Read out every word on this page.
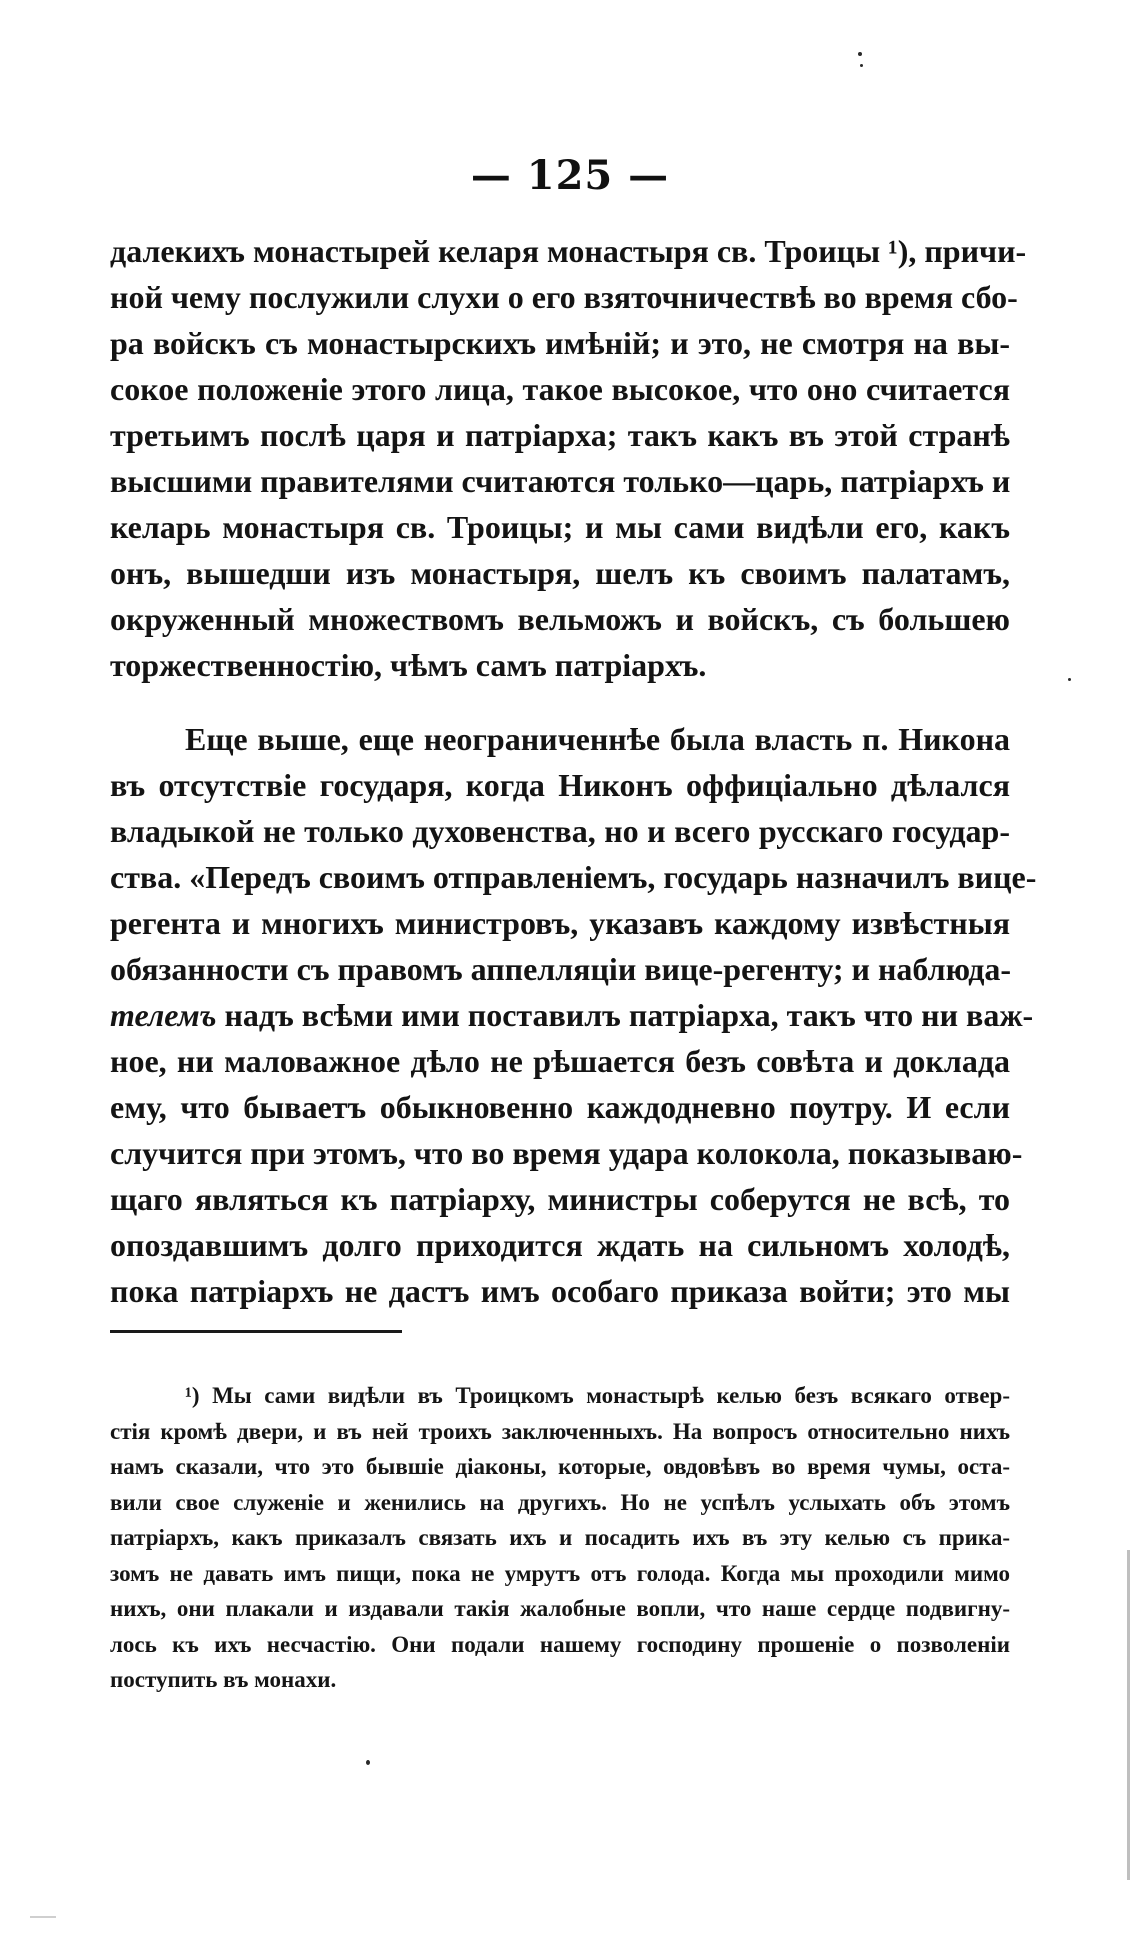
— 125 —
далекихъ монастырей келаря монастыря св. Троицы ¹), причи-
ной чему послужили слухи о его взяточничествѣ во время сбо-
ра войскъ съ монастырскихъ имѣній; и это, не смотря на вы-
сокое положеніе этого лица, такое высокое, что оно считается
третьимъ послѣ царя и патріарха; такъ какъ въ этой странѣ
высшими правителями считаются только—царь, патріархъ и
келарь монастыря св. Троицы; и мы сами видѣли его, какъ
онъ, вышедши изъ монастыря, шелъ къ своимъ палатамъ,
окруженный множествомъ вельможъ и войскъ, съ большею
торжественностію, чѣмъ самъ патріархъ.
Еще выше, еще неограниченнѣе была власть п. Никона
въ отсутствіе государя, когда Никонъ оффиціально дѣлался
владыкой не только духовенства, но и всего русскаго государ-
ства. «Передъ своимъ отправленіемъ, государь назначилъ вице-
регента и многихъ министровъ, указавъ каждому извѣстныя
обязанности съ правомъ аппелляціи вице-регенту; и наблюда-
телемъ надъ всѣми ими поставилъ патріарха, такъ что ни важ-
ное, ни маловажное дѣло не рѣшается безъ совѣта и доклада
ему, что бываетъ обыкновенно каждодневно поутру. И если
случится при этомъ, что во время удара колокола, показываю-
щаго являться къ патріарху, министры соберутся не всѣ, то
опоздавшимъ долго приходится ждать на сильномъ холодѣ,
пока патріархъ не дастъ имъ особаго приказа войти; это мы
¹) Мы сами видѣли въ Троицкомъ монастырѣ келью безъ всякаго отвер-
стія кромѣ двери, и въ ней троихъ заключенныхъ. На вопросъ относительно нихъ
намъ сказали, что это бывшіе діаконы, которые, овдовѣвъ во время чумы, оста-
вили свое служеніе и женились на другихъ. Но не успѣлъ услыхать объ этомъ
патріархъ, какъ приказалъ связать ихъ и посадить ихъ въ эту келью съ прика-
зомъ не давать имъ пищи, пока не умрутъ отъ голода. Когда мы проходили мимо
нихъ, они плакали и издавали такія жалобные вопли, что наше сердце подвигну-
лось къ ихъ несчастію. Они подали нашему господину прошеніе о позволеніи
поступить въ монахи.
